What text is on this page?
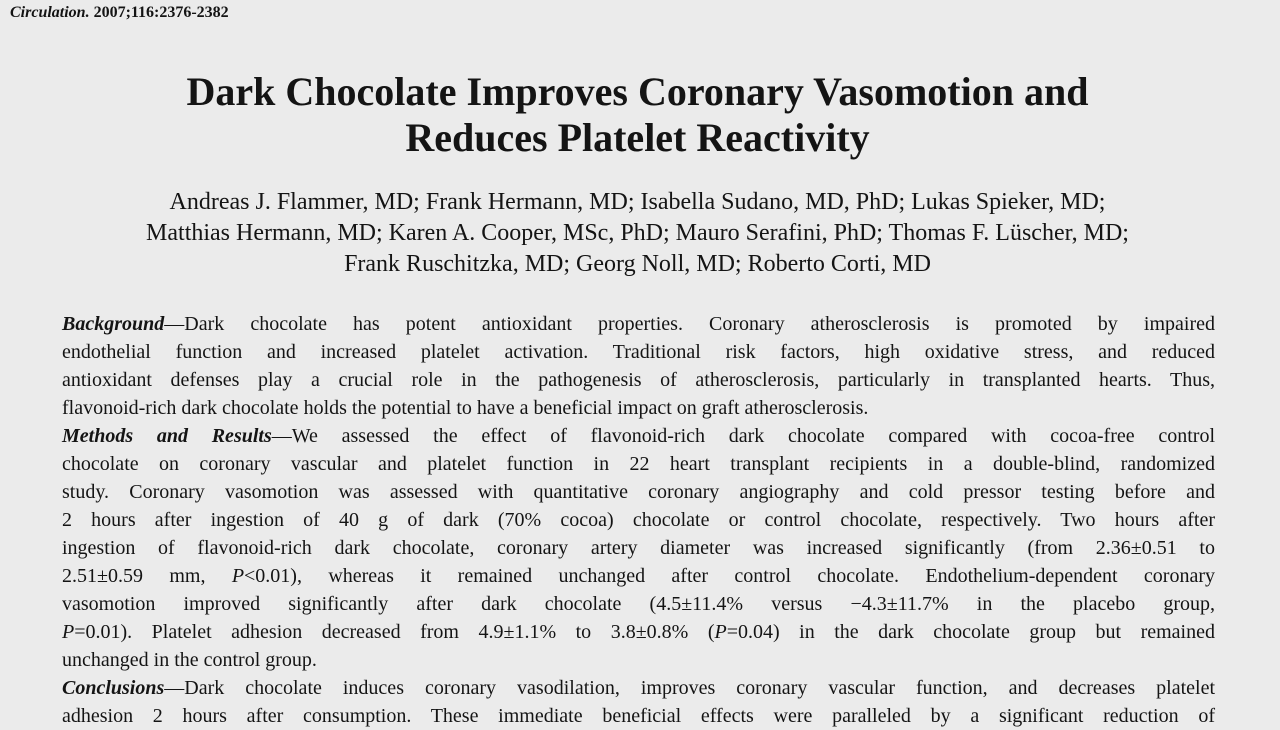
Circulation. 2007;116:2376-2382
Dark Chocolate Improves Coronary Vasomotion and
Reduces Platelet Reactivity
Andreas J. Flammer, MD; Frank Hermann, MD; Isabella Sudano, MD, PhD; Lukas Spieker, MD;
Matthias Hermann, MD; Karen A. Cooper, MSc, PhD; Mauro Serafini, PhD; Thomas F. Lüscher, MD;
Frank Ruschitzka, MD; Georg Noll, MD; Roberto Corti, MD

Background—Dark chocolate has potent antioxidant properties. Coronary atherosclerosis is promoted by impaired
endothelial function and increased platelet activation. Traditional risk factors, high oxidative stress, and reduced
antioxidant defenses play a crucial role in the pathogenesis of atherosclerosis, particularly in transplanted hearts. Thus,
flavonoid-rich dark chocolate holds the potential to have a beneficial impact on graft atherosclerosis.

Methods and Results—We assessed the effect of flavonoid-rich dark chocolate compared with cocoa-free control
chocolate on coronary vascular and platelet function in 22 heart transplant recipients in a double-blind, randomized
study. Coronary vasomotion was assessed with quantitative coronary angiography and cold pressor testing before and
2 hours after ingestion of 40 g of dark (70% cocoa) chocolate or control chocolate, respectively. Two hours after
ingestion of flavonoid-rich dark chocolate, coronary artery diameter was increased significantly (from 2.36±0.51 to
2.51±0.59 mm, P<0.01), whereas it remained unchanged after control chocolate. Endothelium-dependent coronary
vasomotion improved significantly after dark chocolate (4.5±11.4% versus −4.3±11.7% in the placebo group,
P=0.01). Platelet adhesion decreased from 4.9±1.1% to 3.8±0.8% (P=0.04) in the dark chocolate group but remained
unchanged in the control group.

Conclusions—Dark chocolate induces coronary vasodilation, improves coronary vascular function, and decreases platelet
adhesion 2 hours after consumption. These immediate beneficial effects were paralleled by a significant reduction of
